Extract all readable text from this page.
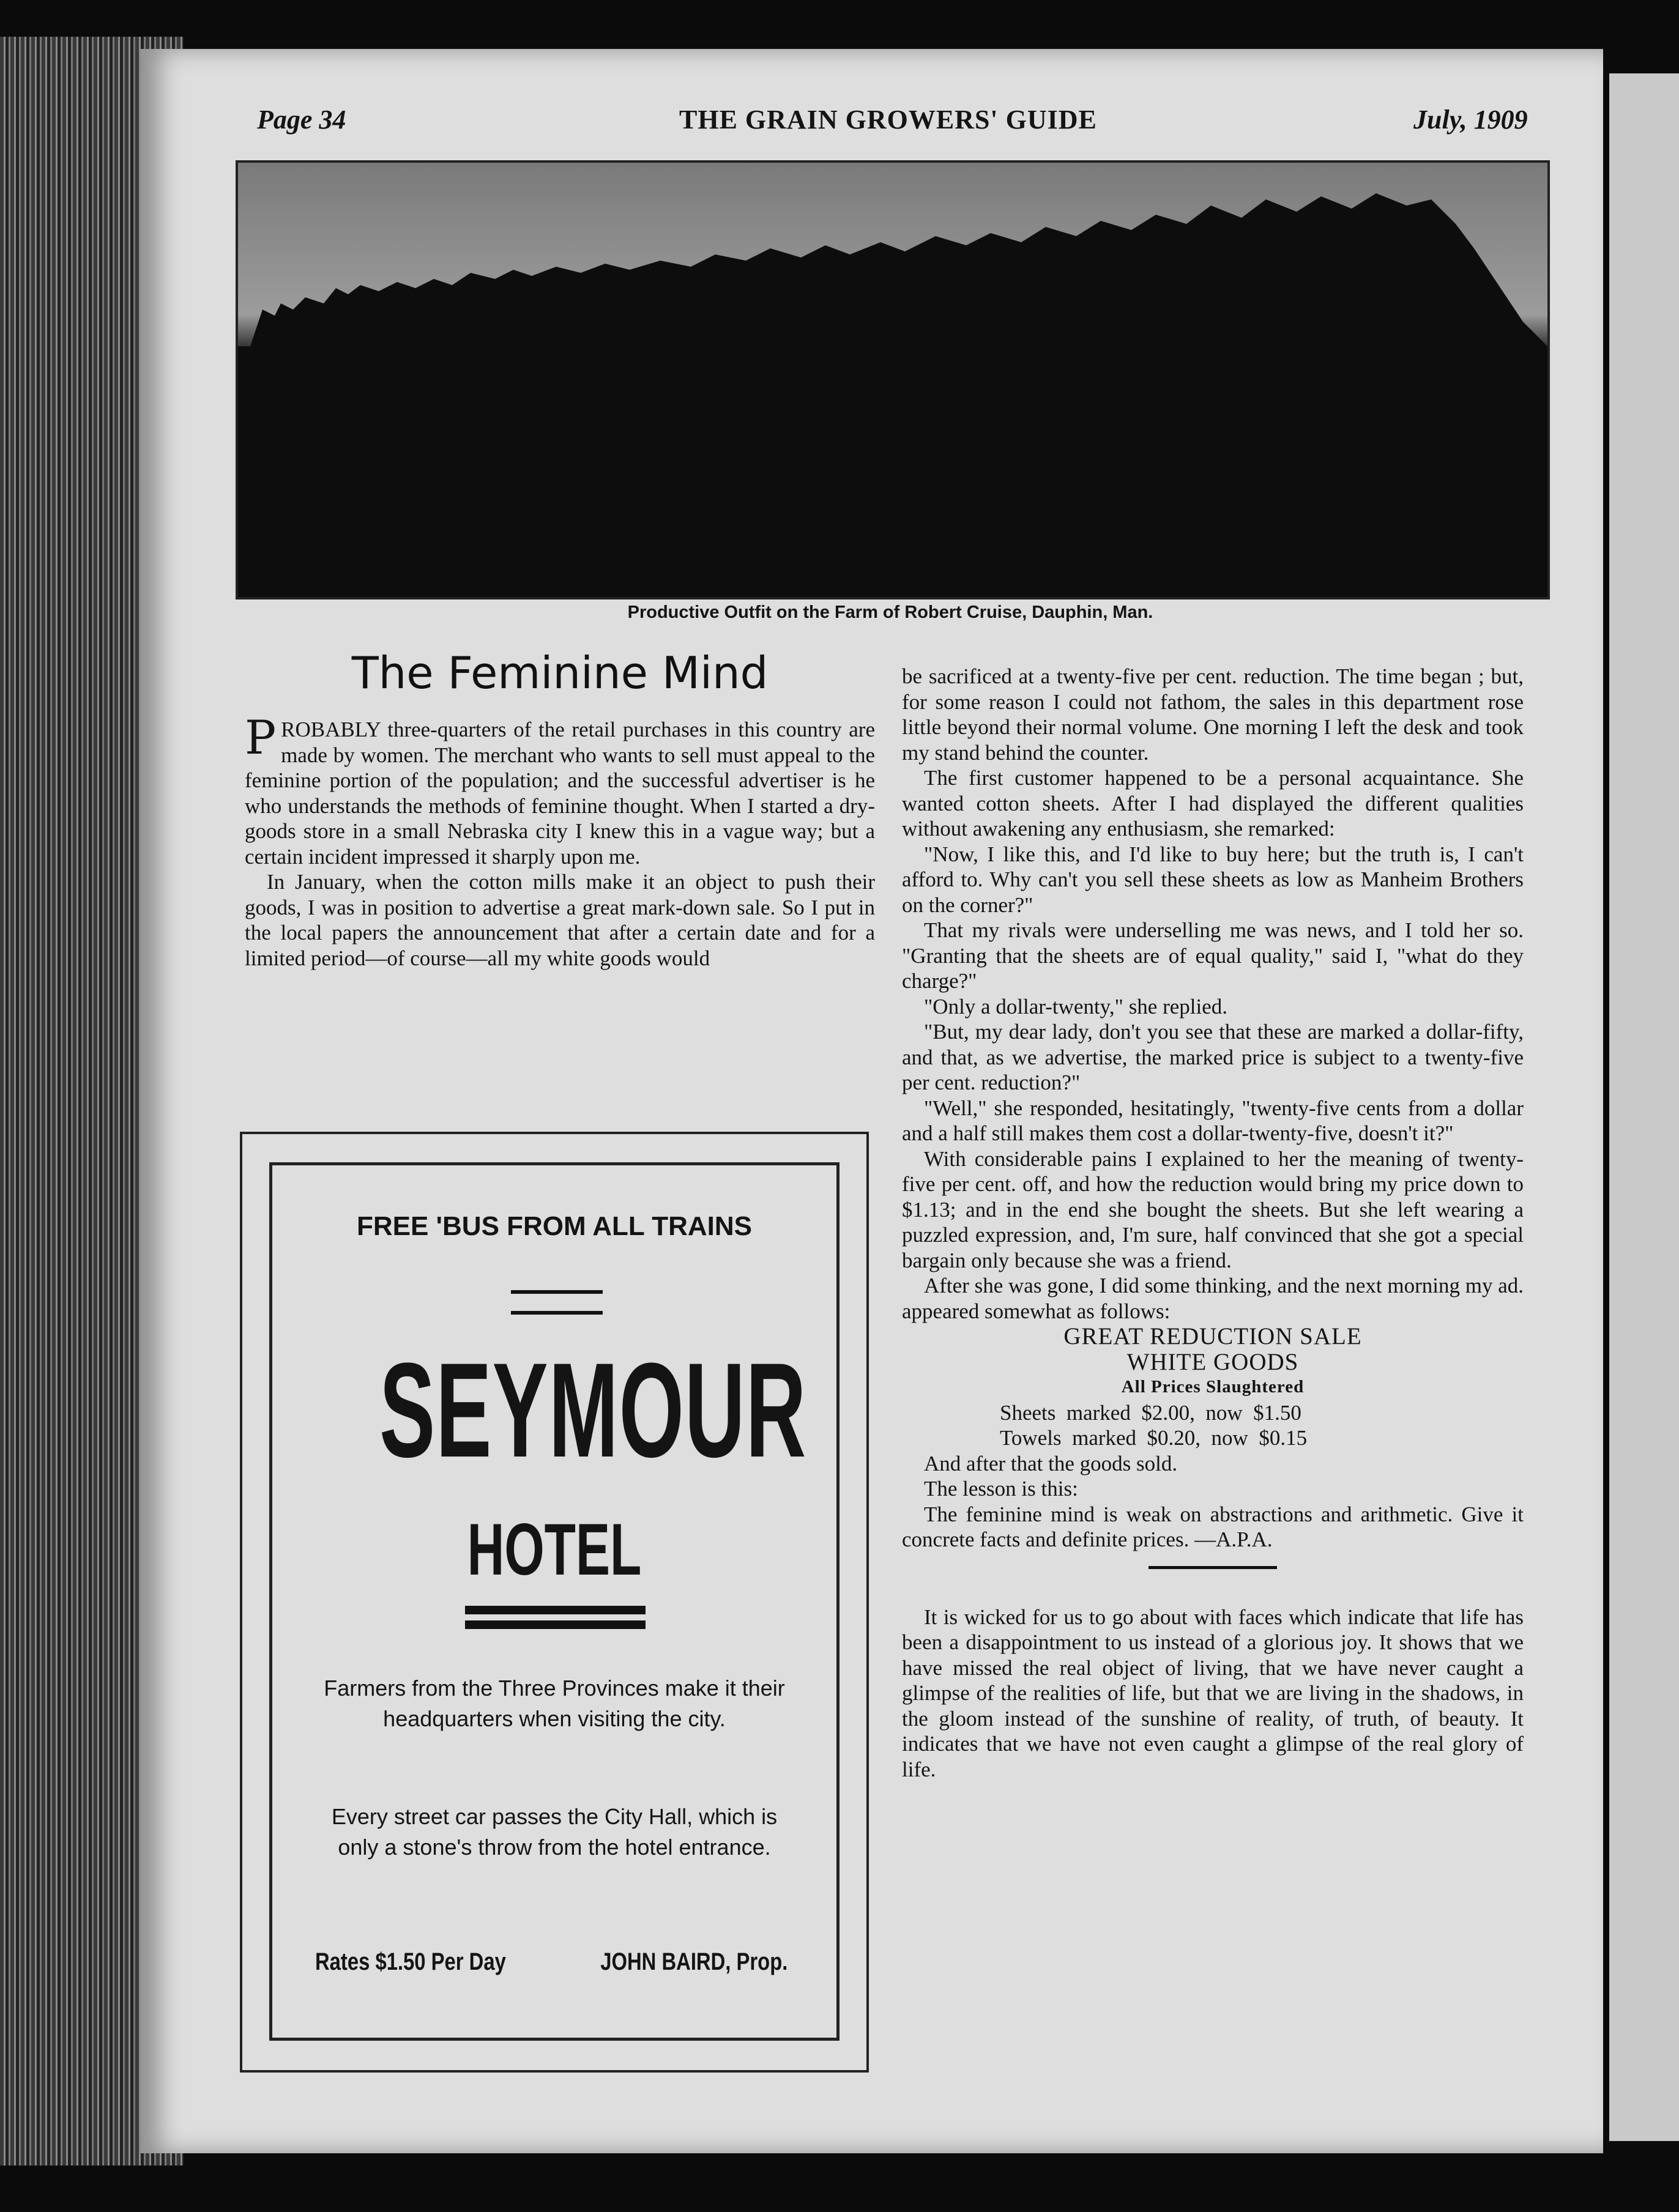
Page 34	THE GRAIN GROWERS' GUIDE	July, 1909
Productive Outfit on the Farm of Robert Cruise, Dauphin, Man.
The Feminine Mind

PROBABLY three-quarters of the retail purchases in this country are made by women. The merchant who wants to sell must appeal to the feminine portion of the population; and the successful advertiser is he who understands the methods of feminine thought. When I started a dry-goods store in a small Nebraska city I knew this in a vague way; but a certain incident impressed it sharply upon me.

In January, when the cotton mills make it an object to push their goods, I was in position to advertise a great mark-down sale. So I put in the local papers the announcement that after a certain date and for a limited period—of course—all my white goods would

be sacrificed at a twenty-five per cent. reduction. The time began ; but, for some reason I could not fathom, the sales in this department rose little beyond their normal volume. One morning I left the desk and took my stand behind the counter.

The first customer happened to be a personal acquaintance. She wanted cotton sheets. After I had displayed the different qualities without awakening any enthusiasm, she remarked:

"Now, I like this, and I'd like to buy here; but the truth is, I can't afford to. Why can't you sell these sheets as low as Manheim Brothers on the corner?"

That my rivals were underselling me was news, and I told her so. "Granting that the sheets are of equal quality," said I, "what do they charge?"

"Only a dollar-twenty," she replied.

"But, my dear lady, don't you see that these are marked a dollar-fifty, and that, as we advertise, the marked price is subject to a twenty-five per cent. reduction?"

"Well," she responded, hesitatingly, "twenty-five cents from a dollar and a half still makes them cost a dollar-twenty-five, doesn't it?"

With considerable pains I explained to her the meaning of twenty-five per cent. off, and how the reduction would bring my price down to $1.13; and in the end she bought the sheets. But she left wearing a puzzled expression, and, I'm sure, half convinced that she got a special bargain only because she was a friend.

After she was gone, I did some thinking, and the next morning my ad. appeared somewhat as follows:

GREAT REDUCTION SALE
WHITE GOODS
All Prices Slaughtered
Sheets  marked  $2.00,  now  $1.50
Towels  marked  $0.20,  now  $0.15

And after that the goods sold.

The lesson is this:

The feminine mind is weak on abstractions and arithmetic. Give it concrete facts and definite prices. —A.P.A.

It is wicked for us to go about with faces which indicate that life has been a disappointment to us instead of a glorious joy. It shows that we have missed the real object of living, that we have never caught a glimpse of the realities of life, but that we are living in the shadows, in the gloom instead of the sunshine of reality, of truth, of beauty. It indicates that we have not even caught a glimpse of the real glory of life.

FREE 'BUS FROM ALL TRAINS
SEYMOUR
HOTEL
Farmers from the Three Provinces make it their headquarters when visiting the city.
Every street car passes the City Hall, which is only a stone's throw from the hotel entrance.
Rates $1.50 Per Day	JOHN BAIRD, Prop.
